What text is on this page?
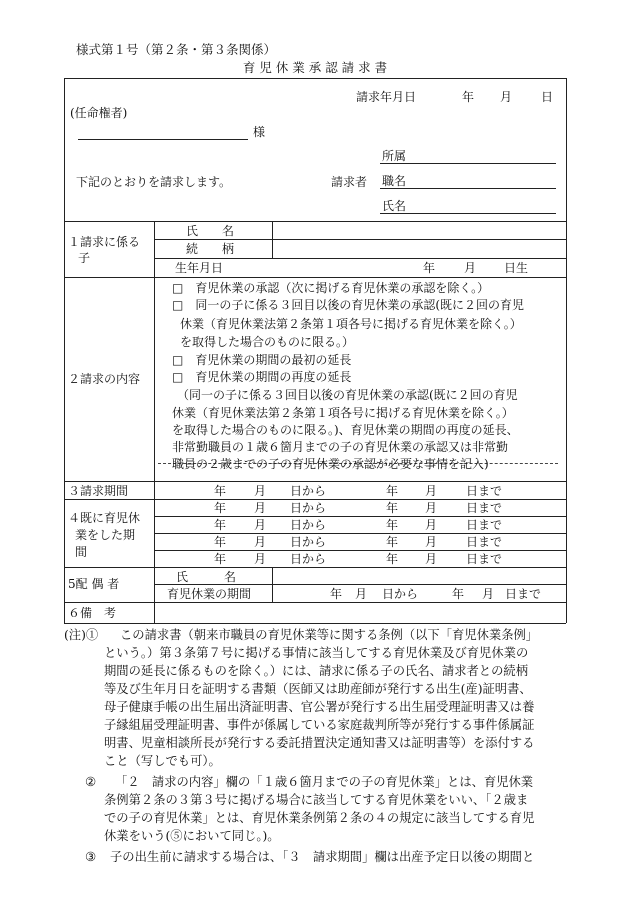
様式第１号（第２条・第３条関係）
育 児 休 業 承 認 請 求 書
請求年月日	年 月 日
(任命権者)
様
下記のとおりを請求します。	請求者
所属
職名
氏名
１請求に係る
子
氏　　名
続　　柄
生年月日	年 月 日生
２請求の内容
□　育児休業の承認（次に掲げる育児休業の承認を除く。）
□　同一の子に係る３回目以後の育児休業の承認(既に２回の育児
休業（育児休業法第２条第１項各号に掲げる育児休業を除く。）
を取得した場合のものに限る。）
□　育児休業の期間の最初の延長
□　育児休業の期間の再度の延長
（同一の子に係る３回目以後の育児休業の承認(既に２回の育児
休業（育児休業法第２条第１項各号に掲げる育児休業を除く。）
を取得した場合のものに限る。)、育児休業の期間の再度の延長、
非常勤職員の１歳６箇月までの子の育児休業の承認又は非常勤
職員の２歳までの子の育児休業の承認が必要な事情を記入)
３請求期間	年 月 日から	年 月 日まで
４既に育児休
業をした期
間
年 月 日から	年 月 日まで
年 月 日から	年 月 日まで
年 月 日から	年 月 日まで
年 月 日から	年 月 日まで
5配 偶 者	氏　　　名
育児休業の期間	年 月 日から	年 月 日まで
６備　考
(注)① この請求書（朝来市職員の育児休業等に関する条例（以下「育児休業条例」
という。）第３条第７号に掲げる事情に該当してする育児休業及び育児休業の
期間の延長に係るものを除く。）には、請求に係る子の氏名、請求者との続柄
等及び生年月日を証明する書類（医師又は助産師が発行する出生(産)証明書、
母子健康手帳の出生届出済証明書、官公署が発行する出生届受理証明書又は養
子縁組届受理証明書、事件が係属している家庭裁判所等が発行する事件係属証
明書、児童相談所長が発行する委託措置決定通知書又は証明書等）を添付する
こと（写しでも可）。
② 「２　請求の内容」欄の「１歳６箇月までの子の育児休業」とは、育児休業
条例第２条の３第３号に掲げる場合に該当してする育児休業をいい、「２歳ま
での子の育児休業」とは、育児休業条例第２条の４の規定に該当してする育児
休業をいう(⑤において同じ。)。
③ 子の出生前に請求する場合は、「３　請求期間」欄は出産予定日以後の期間と
